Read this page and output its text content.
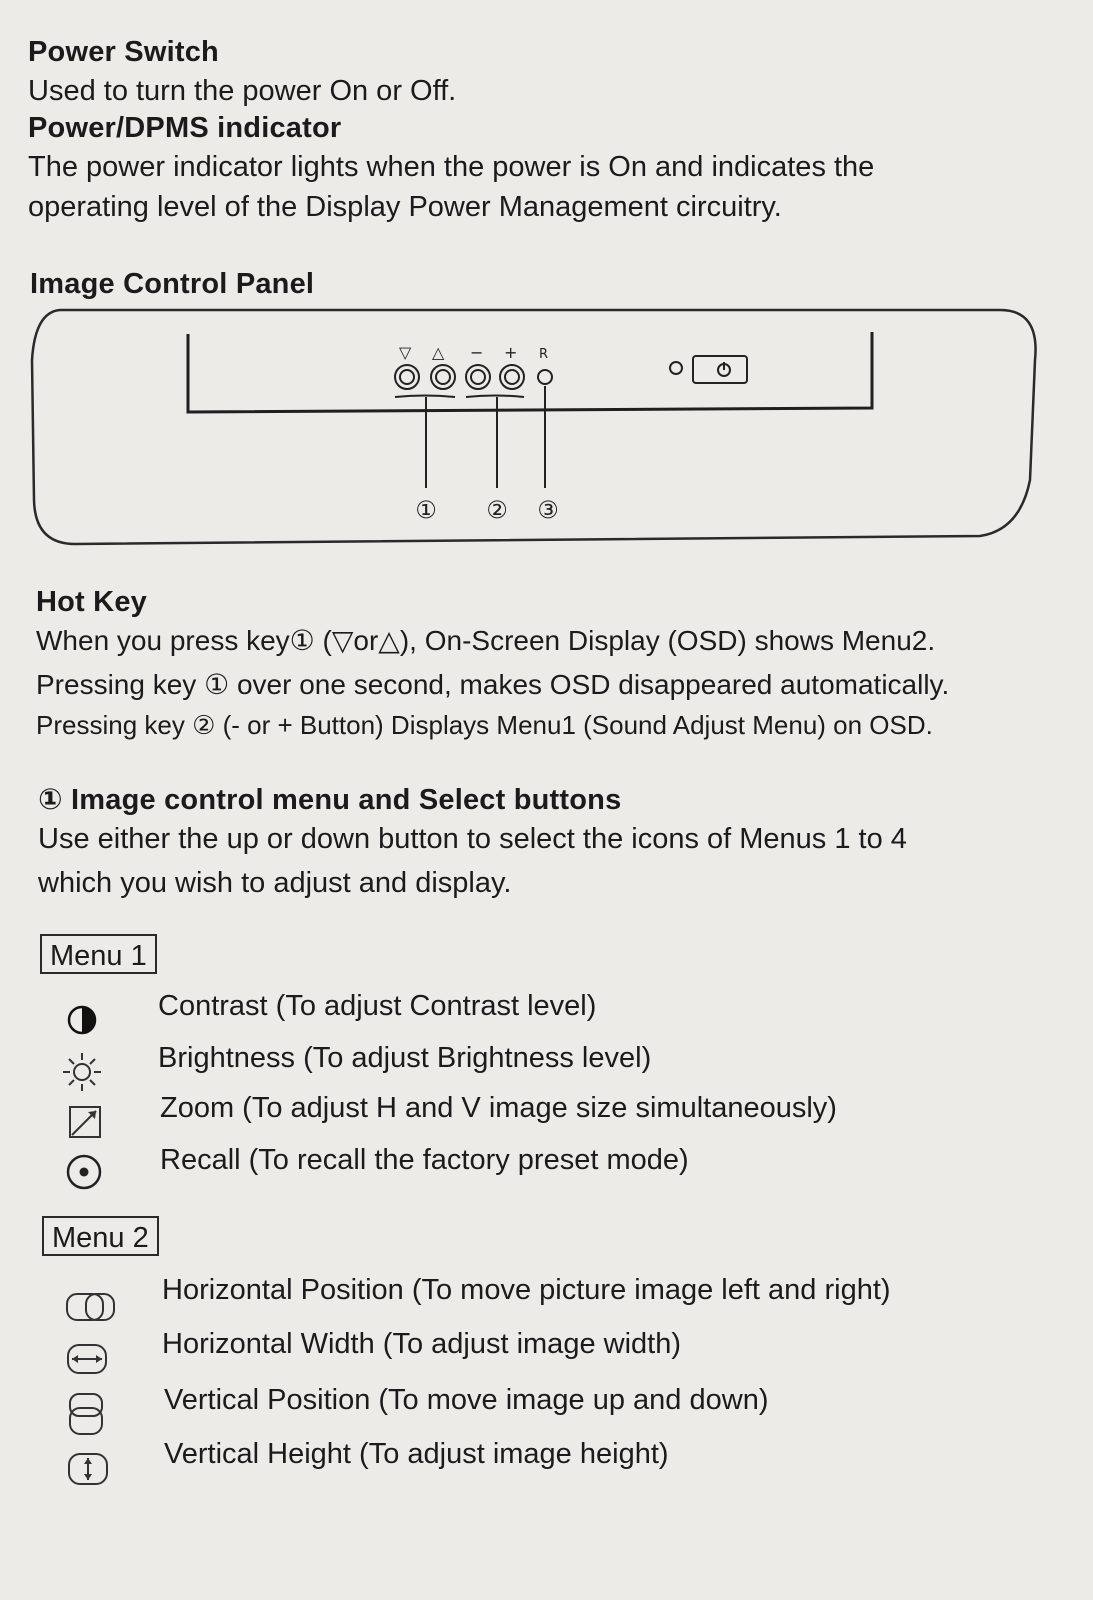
Power Switch
Used to turn the power On or Off.
Power/DPMS indicator
The power indicator lights when the power is On and indicates the
operating level of the Display Power Management circuitry.
Image Control Panel
▽ △ − + R
① ② ③
Hot Key
When you press key① (▽or△), On-Screen Display (OSD) shows Menu2.
Pressing key ① over one second, makes OSD disappeared automatically.
Pressing key ② (- or + Button) Displays Menu1 (Sound Adjust Menu) on OSD.
① Image control menu and Select buttons
Use either the up or down button to select the icons of Menus 1 to 4
which you wish to adjust and display.
Menu 1
Contrast (To adjust Contrast level)
Brightness (To adjust Brightness level)
Zoom (To adjust H and V image size simultaneously)
Recall (To recall the factory preset mode)
Menu 2
Horizontal Position (To move picture image left and right)
Horizontal Width (To adjust image width)
Vertical Position (To move image up and down)
Vertical Height (To adjust image height)
